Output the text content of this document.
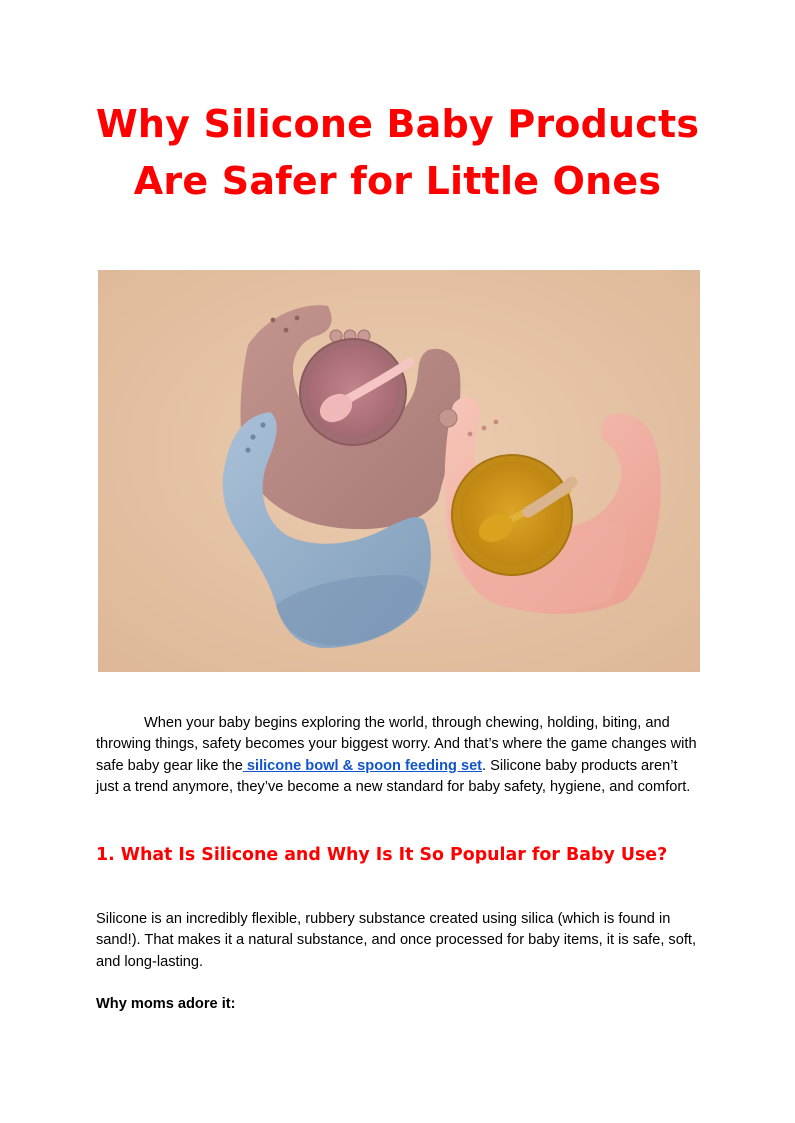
Why Silicone Baby Products
Are Safer for Little Ones

When your baby begins exploring the world, through chewing, holding, biting, and throwing things, safety becomes your biggest worry. And that’s where the game changes with safe baby gear like the silicone bowl & spoon feeding set. Silicone baby products aren’t just a trend anymore, they’ve become a new standard for baby safety, hygiene, and comfort.

1. What Is Silicone and Why Is It So Popular for Baby Use?

Silicone is an incredibly flexible, rubbery substance created using silica (which is found in sand!). That makes it a natural substance, and once processed for baby items, it is safe, soft, and long-lasting.

Why moms adore it:
